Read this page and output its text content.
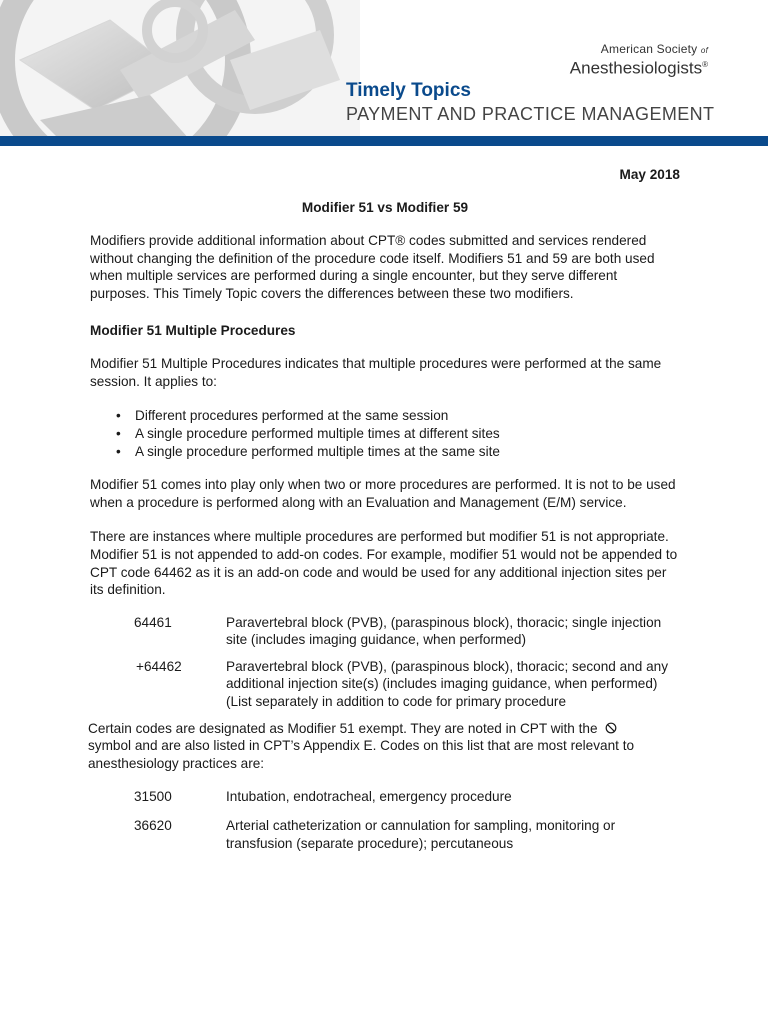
American Society of
Anesthesiologists®
Timely Topics
PAYMENT AND PRACTICE MANAGEMENT
May 2018
Modifier 51 vs Modifier 59

Modifiers provide additional information about CPT® codes submitted and services rendered without changing the definition of the procedure code itself. Modifiers 51 and 59 are both used when multiple services are performed during a single encounter, but they serve different purposes. This Timely Topic covers the differences between these two modifiers.

Modifier 51 Multiple Procedures

Modifier 51 Multiple Procedures indicates that multiple procedures were performed at the same session. It applies to:

• Different procedures performed at the same session
• A single procedure performed multiple times at different sites
• A single procedure performed multiple times at the same site

Modifier 51 comes into play only when two or more procedures are performed. It is not to be used when a procedure is performed along with an Evaluation and Management (E/M) service.

There are instances where multiple procedures are performed but modifier 51 is not appropriate. Modifier 51 is not appended to add-on codes. For example, modifier 51 would not be appended to CPT code 64462 as it is an add-on code and would be used for any additional injection sites per its definition.

64461	Paravertebral block (PVB), (paraspinous block), thoracic; single injection site (includes imaging guidance, when performed)
+64462	Paravertebral block (PVB), (paraspinous block), thoracic; second and any additional injection site(s) (includes imaging guidance, when performed) (List separately in addition to code for primary procedure

Certain codes are designated as Modifier 51 exempt. They are noted in CPT with the
symbol and are also listed in CPT’s Appendix E. Codes on this list that are most relevant to anesthesiology practices are:

31500	Intubation, endotracheal, emergency procedure
36620	Arterial catheterization or cannulation for sampling, monitoring or transfusion (separate procedure); percutaneous
